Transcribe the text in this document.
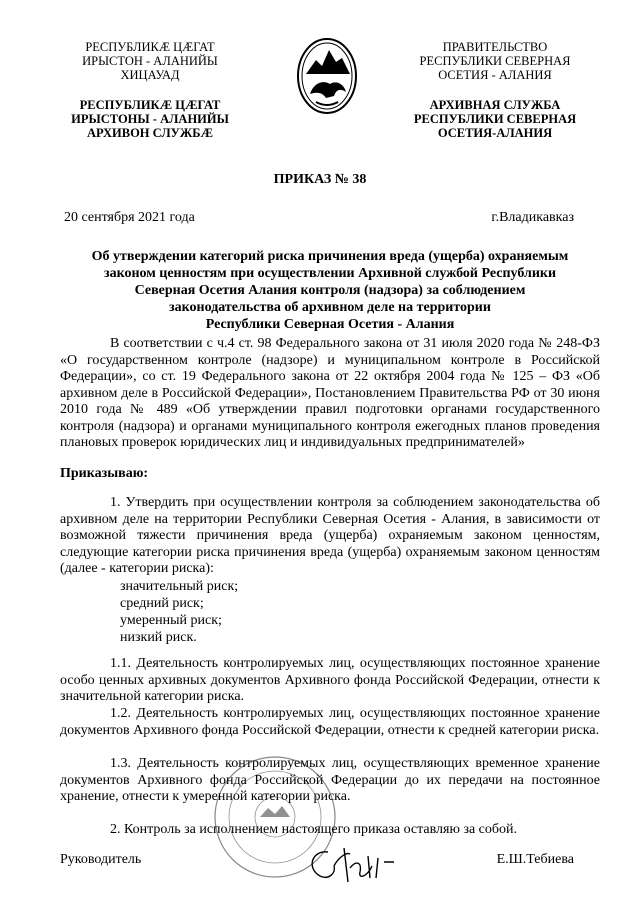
РЕСПУБЛИКӔ ЦӔГАТ
ИРЫСТОН - АЛАНИЙЫ
ХИЦАУАД
РЕСПУБЛИКӔ ЦӔГАТ
ИРЫСТОНЫ - АЛАНИЙЫ
АРХИВОН СЛУЖБӔ
ПРАВИТЕЛЬСТВО
РЕСПУБЛИКИ СЕВЕРНАЯ
ОСЕТИЯ - АЛАНИЯ
АРХИВНАЯ СЛУЖБА
РЕСПУБЛИКИ СЕВЕРНАЯ
ОСЕТИЯ-АЛАНИЯ
ПРИКАЗ № 38
20 сентября 2021 года	г.Владикавказ
Об утверждении категорий риска причинения вреда (ущерба) охраняемым
законом ценностям при осуществлении Архивной службой Республики
Северная Осетия Алания контроля (надзора) за соблюдением
законодательства об архивном деле на территории
Республики Северная Осетия - Алания
В соответствии с ч.4 ст. 98 Федерального закона от 31 июля 2020 года № 248-ФЗ «О государственном контроле (надзоре) и муниципальном контроле в Российской Федерации», со ст. 19 Федерального закона от 22 октября 2004 года № 125 – ФЗ «Об архивном деле в Российской Федерации», Постановлением Правительства РФ от 30 июня 2010 года № 489 «Об утверждении правил подготовки органами государственного контроля (надзора) и органами муниципального контроля ежегодных планов проведения плановых проверок юридических лиц и индивидуальных предпринимателей»
Приказываю:
1. Утвердить при осуществлении контроля за соблюдением законодательства об архивном деле на территории Республики Северная Осетия - Алания, в зависимости от возможной тяжести причинения вреда (ущерба) охраняемым законом ценностям, следующие категории риска причинения вреда (ущерба) охраняемым законом ценностям (далее - категории риска):
значительный риск;
средний риск;
умеренный риск;
низкий риск.
1.1. Деятельность контролируемых лиц, осуществляющих постоянное хранение особо ценных архивных документов Архивного фонда Российской Федерации, отнести к значительной категории риска.
1.2. Деятельность контролируемых лиц, осуществляющих постоянное хранение документов Архивного фонда Российской Федерации, отнести к средней категории риска.
1.3. Деятельность контролируемых лиц, осуществляющих временное хранение документов Архивного фонда Российской Федерации до их передачи на постоянное хранение, отнести к умеренной категории риска.
2. Контроль за исполнением настоящего приказа оставляю за собой.
Руководитель	Е.Ш.Тебиева
